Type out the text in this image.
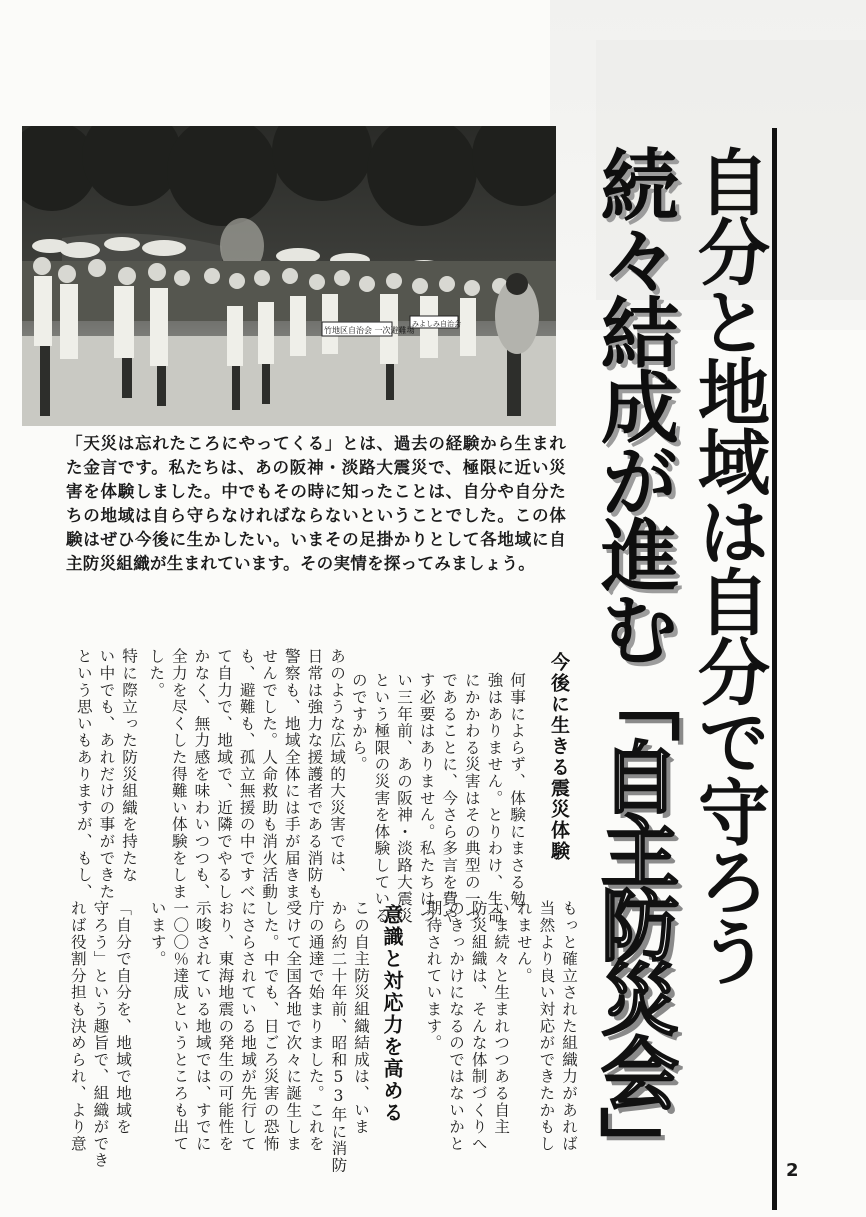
竹地区自治会 一次避難場
みよしみ自治会
「天災は忘れたころにやってくる」とは、過去の経験から生まれた金言です。私たちは、あの阪神・淡路大震災で、極限に近い災害を体験しました。中でもその時に知ったことは、自分や自分たちの地域は自ら守らなければならないということでした。この体験はぜひ今後に生かしたい。いまその足掛かりとして各地域に自主防災組織が生まれています。その実情を探ってみましょう。	自分と地域は自分で守ろう
続々結成が進む「自主防災会」	2
今後に生きる震災体験
何事によらず、体験にまさる勉
強はありません。とりわけ、生命
にかかわる災害はその典型の一つ
であることに、今さら多言を費や
す必要はありません。私たちはつ
い三年前、あの阪神・淡路大震災
という極限の災害を体験している
のですから。
あのような広域的大災害では、
日常は強力な援護者である消防も
警察も、地域全体には手が届きま
せんでした。人命救助も消火活動
も、避難も、孤立無援の中ですべ
て自力で、地域で、近隣でやるし
かなく、無力感を味わいつつも、
全力を尽くした得難い体験をしま
した。
特に際立った防災組織を持たな
い中でも、あれだけの事ができた
という思いもありますが、もし、
もっと確立された組織力があれば
当然より良い対応ができたかもし
れません。
いま続々と生まれつつある自主
防災組織は、そんな体制づくりへ
のきっかけになるのではないかと
期待されています。
意識と対応力を高める
この自主防災組織結成は、いま
から約二十年前、昭和53年に消防
庁の通達で始まりました。これを
受けて全国各地で次々に誕生しま
した。中でも、日ごろ災害の恐怖
にさらされている地域が先行して
おり、東海地震の発生の可能性を
示唆されている地域では、すでに
一〇〇％達成というところも出て
います。
「自分で自分を、地域で地域を
守ろう」という趣旨で、組織ができ
れば役割分担も決められ、より意
